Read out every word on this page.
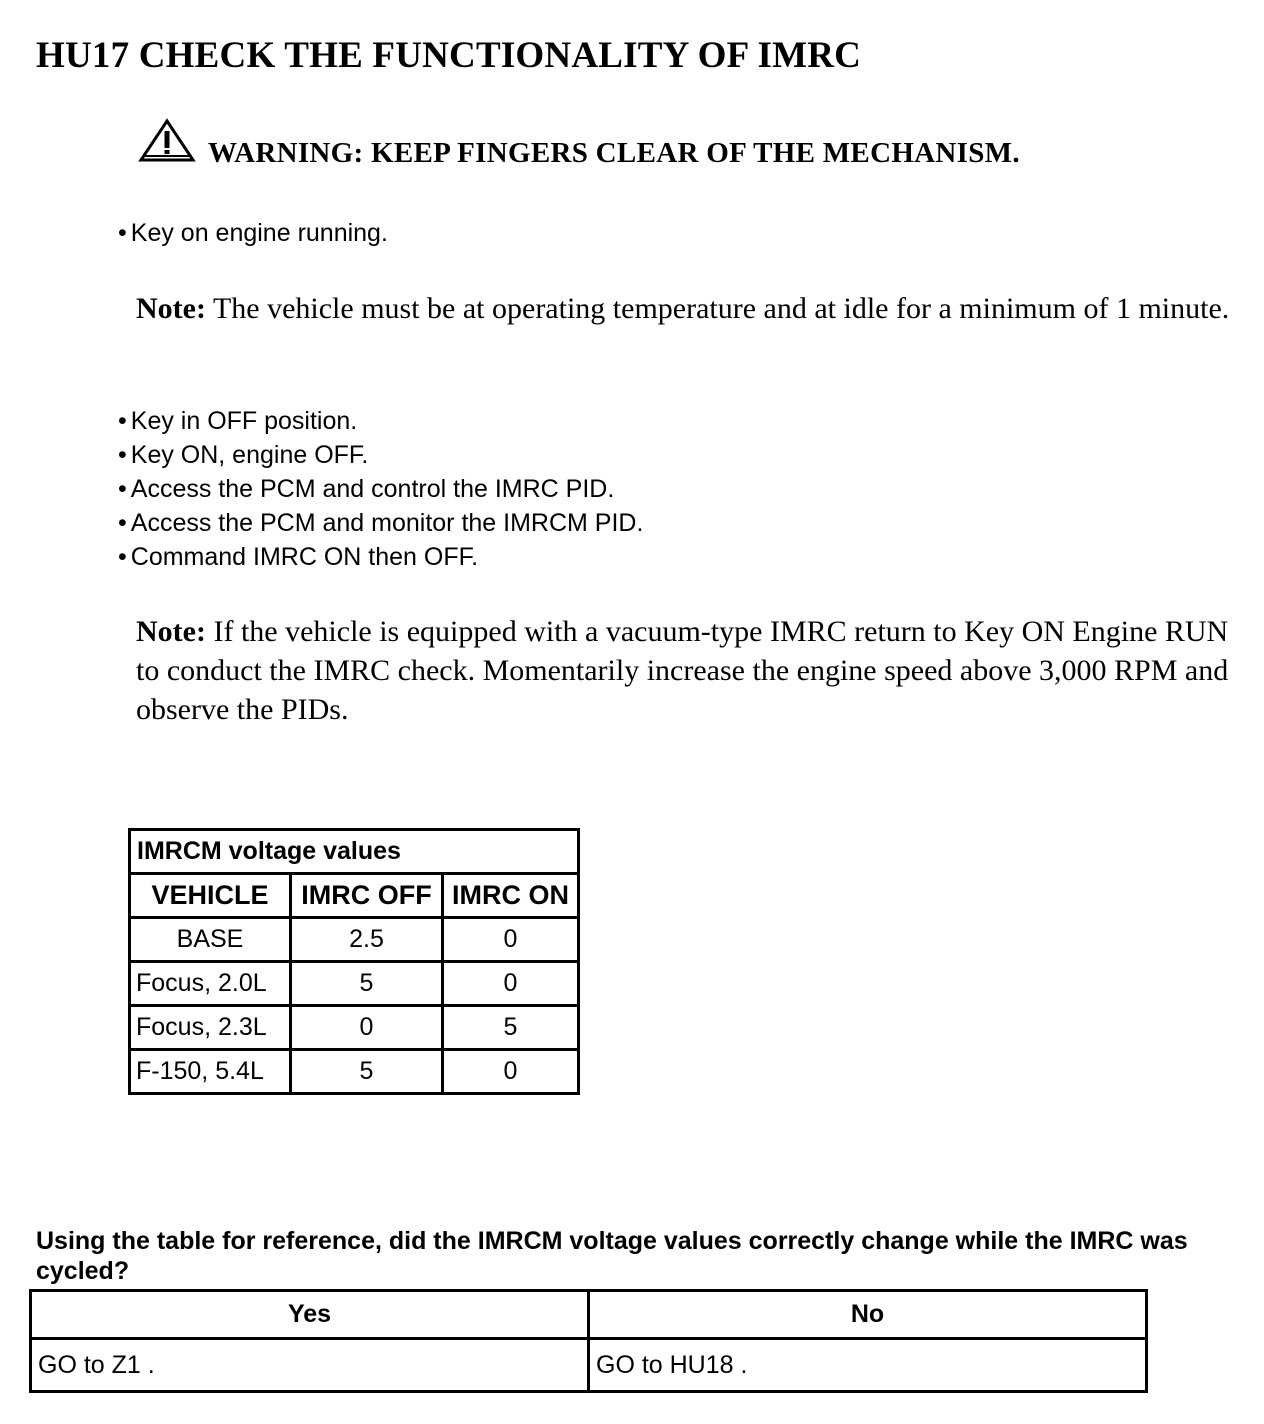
HU17 CHECK THE FUNCTIONALITY OF IMRC
WARNING: KEEP FINGERS CLEAR OF THE MECHANISM.
• Key on engine running.

Note: The vehicle must be at operating temperature and at idle for a minimum of 1 minute.

• Key in OFF position.
• Key ON, engine OFF.
• Access the PCM and control the IMRC PID.
• Access the PCM and monitor the IMRCM PID.
• Command IMRC ON then OFF.

Note: If the vehicle is equipped with a vacuum-type IMRC return to Key ON Engine RUN to conduct the IMRC check. Momentarily increase the engine speed above 3,000 RPM and observe the PIDs.

IMRCM voltage values		
VEHICLE	IMRC OFF	IMRC ON
BASE	2.5	0
Focus, 2.0L	5	0
Focus, 2.3L	0	5
F-150, 5.4L	5	0

Using the table for reference, did the IMRCM voltage values correctly change while the IMRC was cycled?

Yes	No
GO to Z1 .	GO to HU18 .
